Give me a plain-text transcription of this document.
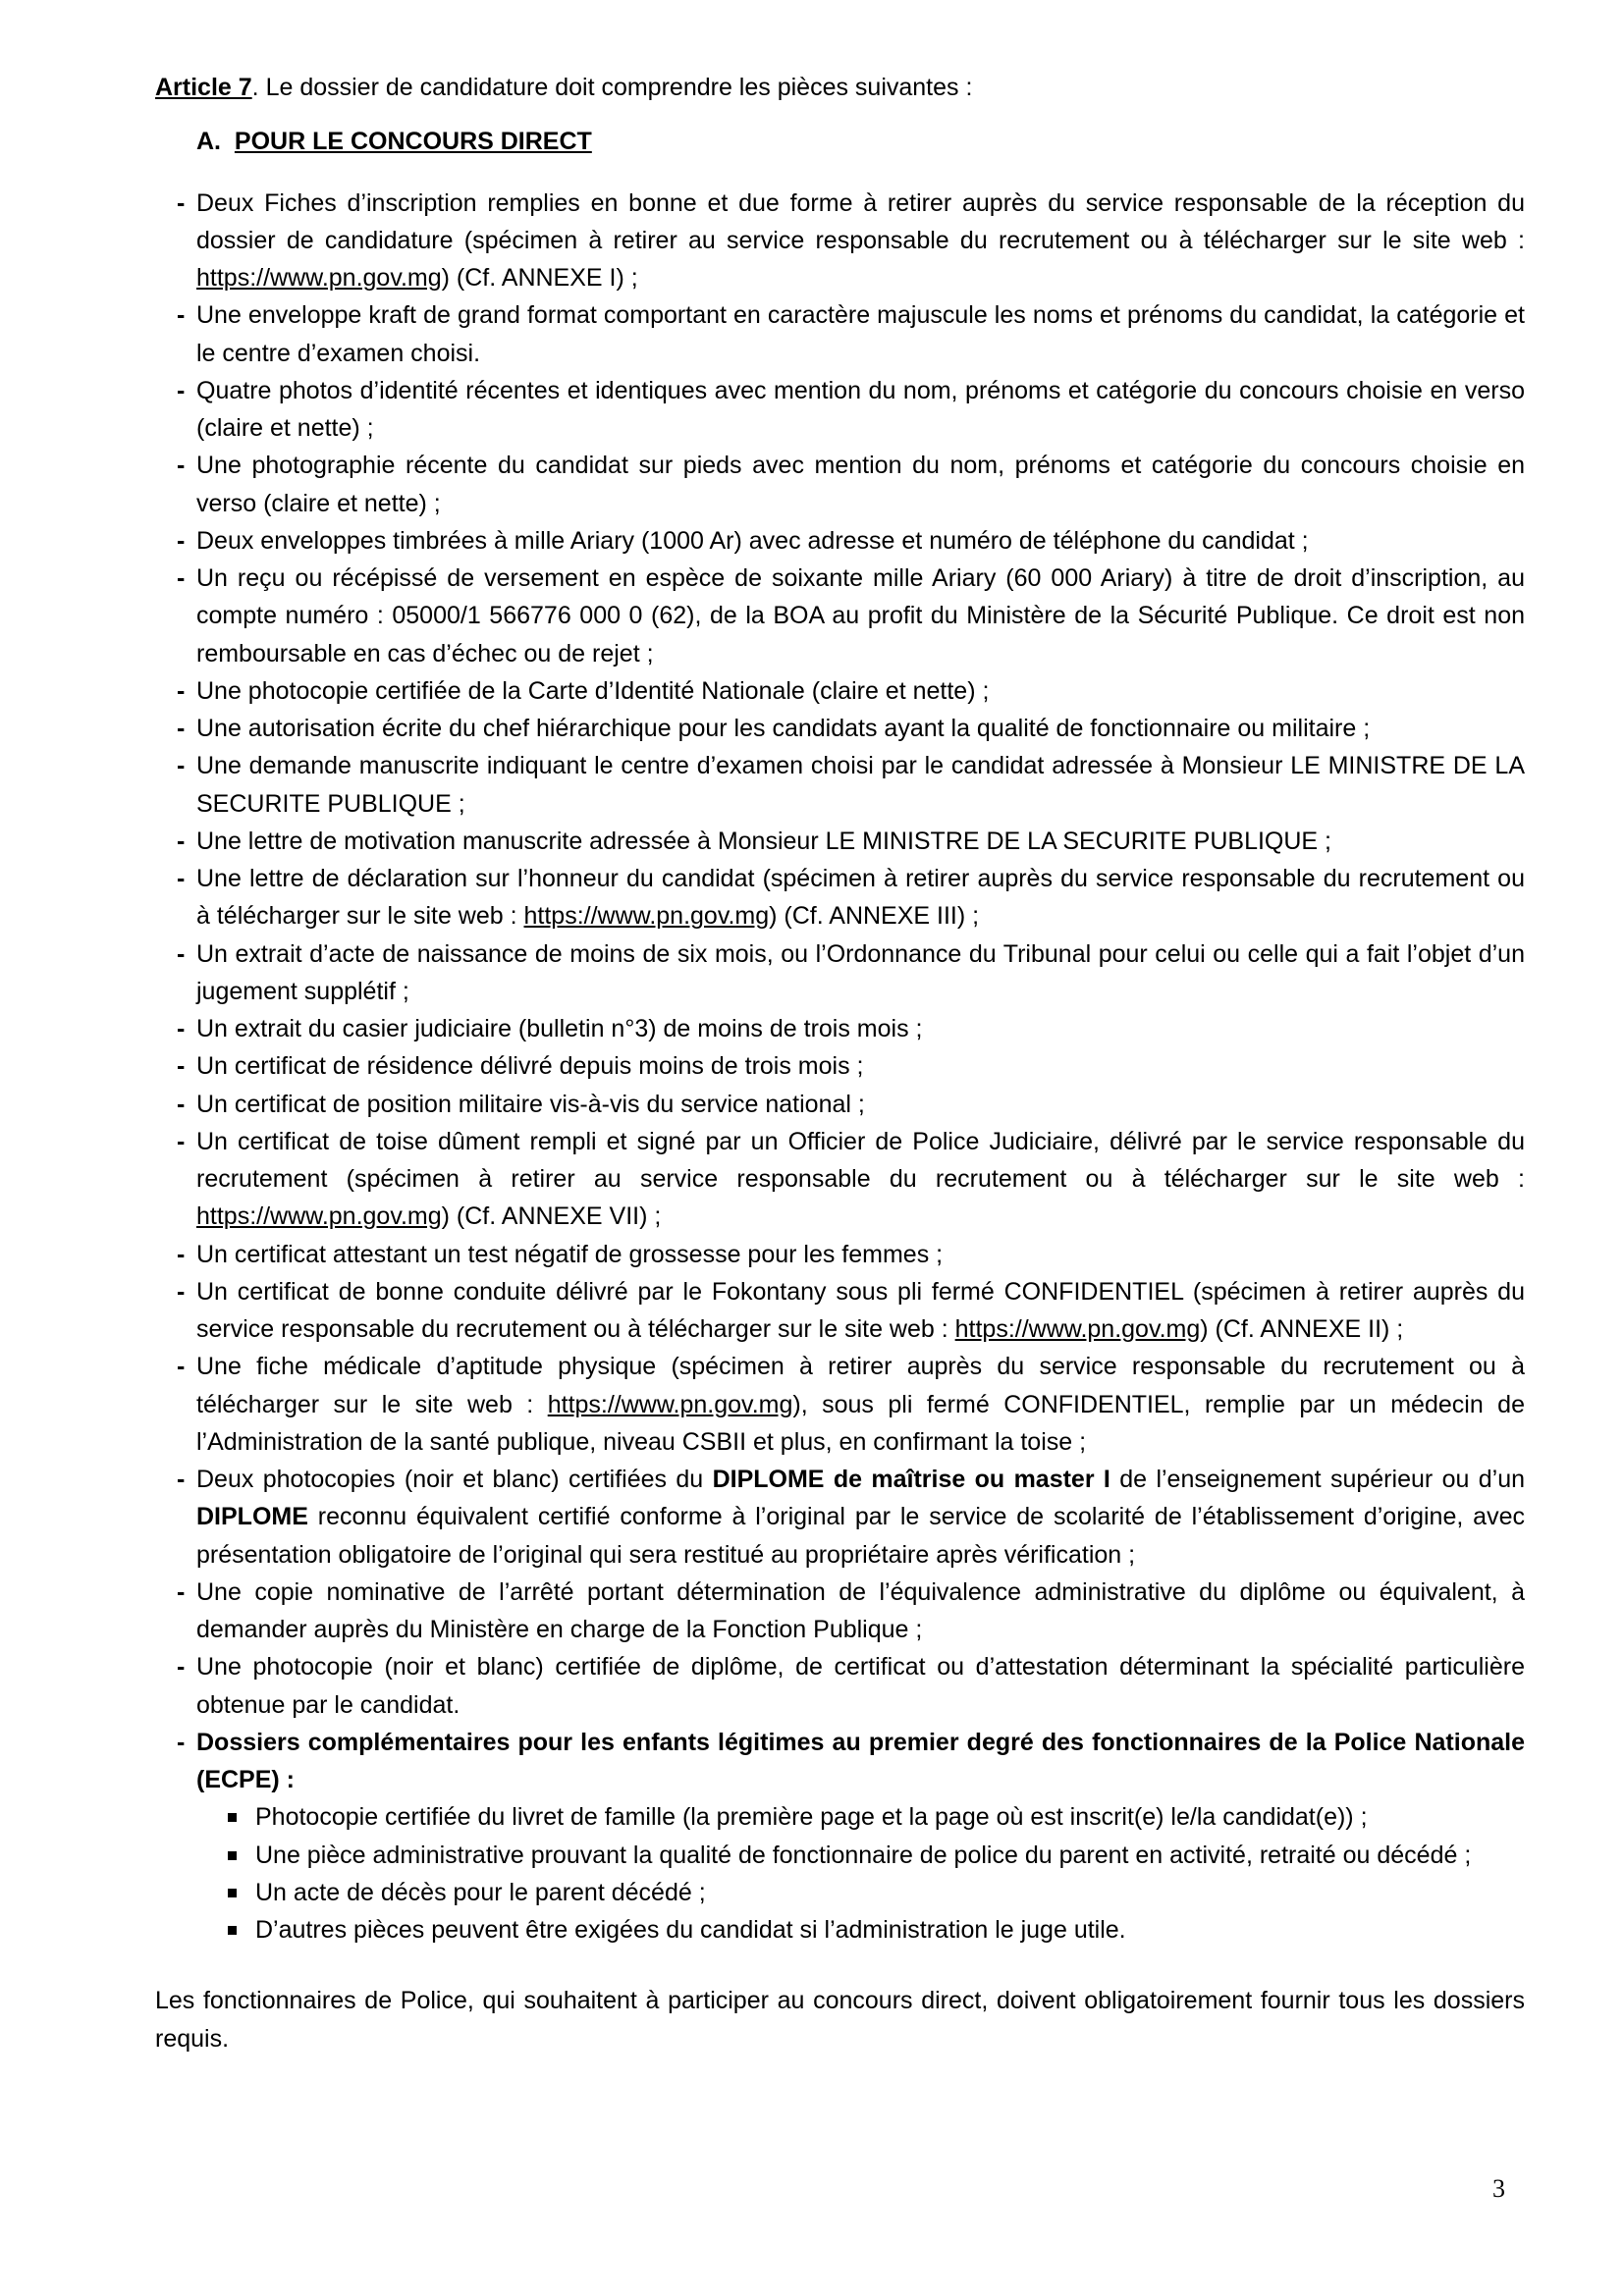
Article 7. Le dossier de candidature doit comprendre les pièces suivantes :

A. POUR LE CONCOURS DIRECT

- Deux Fiches d’inscription remplies en bonne et due forme à retirer auprès du service responsable de la réception du dossier de candidature (spécimen à retirer au service responsable du recrutement ou à télécharger sur le site web : https://www.pn.gov.mg) (Cf. ANNEXE I) ;
- Une enveloppe kraft de grand format comportant en caractère majuscule les noms et prénoms du candidat, la catégorie et le centre d’examen choisi.
- Quatre photos d’identité récentes et identiques avec mention du nom, prénoms et catégorie du concours choisie en verso (claire et nette) ;
- Une photographie récente du candidat sur pieds avec mention du nom, prénoms et catégorie du concours choisie en verso (claire et nette) ;
- Deux enveloppes timbrées à mille Ariary (1000 Ar) avec adresse et numéro de téléphone du candidat ;
- Un reçu ou récépissé de versement en espèce de soixante mille Ariary (60 000 Ariary) à titre de droit d’inscription, au compte numéro : 05000/1 566776 000 0 (62), de la BOA au profit du Ministère de la Sécurité Publique. Ce droit est non remboursable en cas d’échec ou de rejet ;
- Une photocopie certifiée de la Carte d’Identité Nationale (claire et nette) ;
- Une autorisation écrite du chef hiérarchique pour les candidats ayant la qualité de fonctionnaire ou militaire ;
- Une demande manuscrite indiquant le centre d’examen choisi par le candidat adressée à Monsieur LE MINISTRE DE LA SECURITE PUBLIQUE ;
- Une lettre de motivation manuscrite adressée à Monsieur LE MINISTRE DE LA SECURITE PUBLIQUE ;
- Une lettre de déclaration sur l’honneur du candidat (spécimen à retirer auprès du service responsable du recrutement ou à télécharger sur le site web : https://www.pn.gov.mg) (Cf. ANNEXE III) ;
- Un extrait d’acte de naissance de moins de six mois, ou l’Ordonnance du Tribunal pour celui ou celle qui a fait l’objet d’un jugement supplétif ;
- Un extrait du casier judiciaire (bulletin n°3) de moins de trois mois ;
- Un certificat de résidence délivré depuis moins de trois mois ;
- Un certificat de position militaire vis-à-vis du service national ;
- Un certificat de toise dûment rempli et signé par un Officier de Police Judiciaire, délivré par le service responsable du recrutement (spécimen à retirer au service responsable du recrutement ou à télécharger sur le site web : https://www.pn.gov.mg) (Cf. ANNEXE VII) ;
- Un certificat attestant un test négatif de grossesse pour les femmes ;
- Un certificat de bonne conduite délivré par le Fokontany sous pli fermé CONFIDENTIEL (spécimen à retirer auprès du service responsable du recrutement ou à télécharger sur le site web : https://www.pn.gov.mg) (Cf. ANNEXE II) ;
- Une fiche médicale d’aptitude physique (spécimen à retirer auprès du service responsable du recrutement ou à télécharger sur le site web : https://www.pn.gov.mg), sous pli fermé CONFIDENTIEL, remplie par un médecin de l’Administration de la santé publique, niveau CSBII et plus, en confirmant la toise ;
- Deux photocopies (noir et blanc) certifiées du DIPLOME de maîtrise ou master I de l’enseignement supérieur ou d’un DIPLOME reconnu équivalent certifié conforme à l’original par le service de scolarité de l’établissement d’origine, avec présentation obligatoire de l’original qui sera restitué au propriétaire après vérification ;
- Une copie nominative de l’arrêté portant détermination de l’équivalence administrative du diplôme ou équivalent, à demander auprès du Ministère en charge de la Fonction Publique ;
- Une photocopie (noir et blanc) certifiée de diplôme, de certificat ou d’attestation déterminant la spécialité particulière obtenue par le candidat.
- Dossiers complémentaires pour les enfants légitimes au premier degré des fonctionnaires de la Police Nationale (ECPE) :
Photocopie certifiée du livret de famille (la première page et la page où est inscrit(e) le/la candidat(e)) ;
Une pièce administrative prouvant la qualité de fonctionnaire de police du parent en activité, retraité ou décédé ;
Un acte de décès pour le parent décédé ;
D’autres pièces peuvent être exigées du candidat si l’administration le juge utile.

Les fonctionnaires de Police, qui souhaitent à participer au concours direct, doivent obligatoirement fournir tous les dossiers requis.

3
